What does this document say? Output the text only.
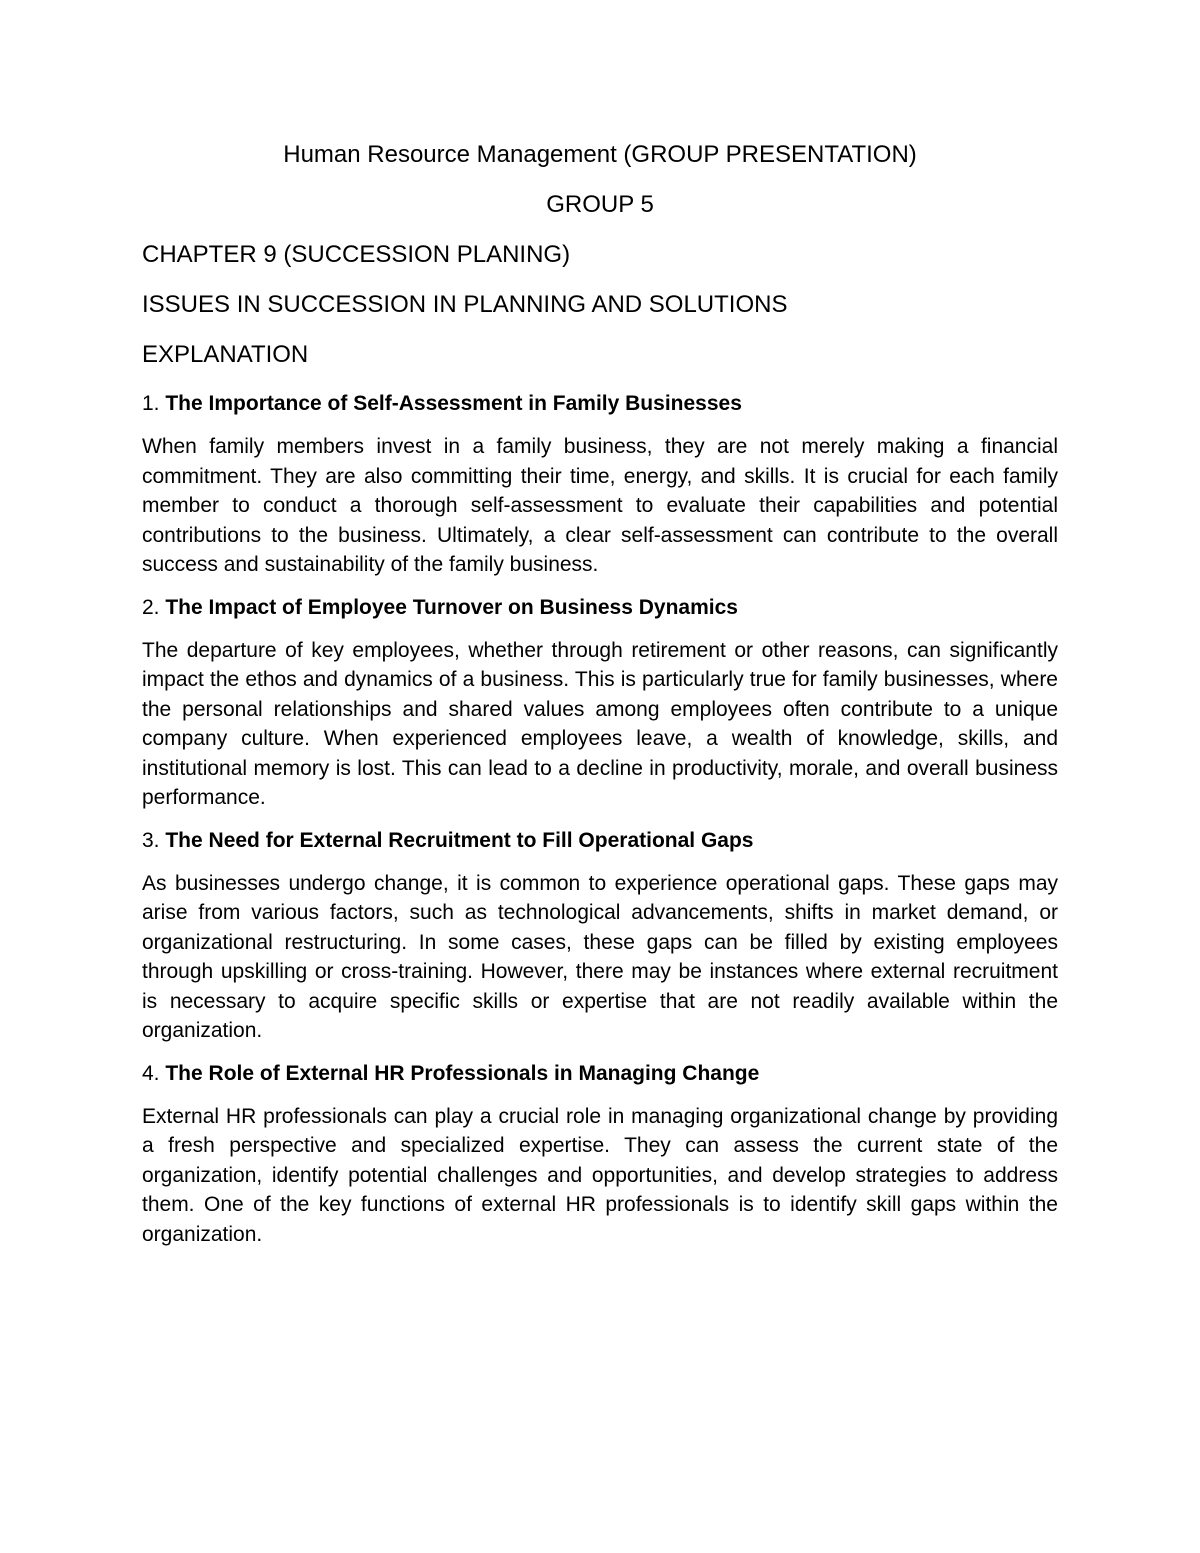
Human Resource Management (GROUP PRESENTATION)
GROUP 5
CHAPTER 9 (SUCCESSION PLANING)
ISSUES IN SUCCESSION IN PLANNING AND SOLUTIONS
EXPLANATION
1. The Importance of Self-Assessment in Family Businesses
When family members invest in a family business, they are not merely making a financial commitment. They are also committing their time, energy, and skills. It is crucial for each family member to conduct a thorough self-assessment to evaluate their capabilities and potential contributions to the business. Ultimately, a clear self-assessment can contribute to the overall success and sustainability of the family business.
2. The Impact of Employee Turnover on Business Dynamics
The departure of key employees, whether through retirement or other reasons, can significantly impact the ethos and dynamics of a business. This is particularly true for family businesses, where the personal relationships and shared values among employees often contribute to a unique company culture. When experienced employees leave, a wealth of knowledge, skills, and institutional memory is lost. This can lead to a decline in productivity, morale, and overall business performance.
3. The Need for External Recruitment to Fill Operational Gaps
As businesses undergo change, it is common to experience operational gaps. These gaps may arise from various factors, such as technological advancements, shifts in market demand, or organizational restructuring. In some cases, these gaps can be filled by existing employees through upskilling or cross-training. However, there may be instances where external recruitment is necessary to acquire specific skills or expertise that are not readily available within the organization.
4. The Role of External HR Professionals in Managing Change
External HR professionals can play a crucial role in managing organizational change by providing a fresh perspective and specialized expertise. They can assess the current state of the organization, identify potential challenges and opportunities, and develop strategies to address them. One of the key functions of external HR professionals is to identify skill gaps within the organization.
